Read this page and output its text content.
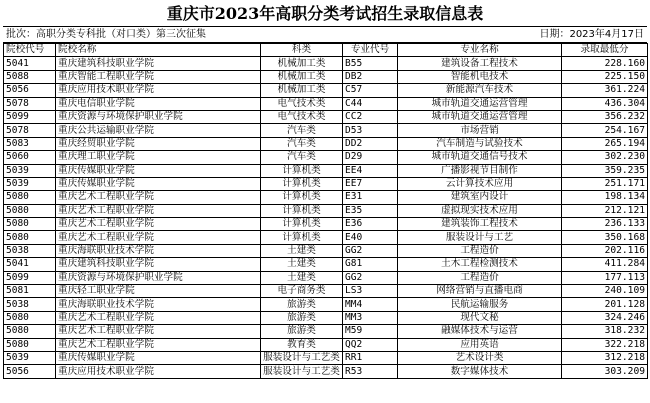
重庆市2023年高职分类考试招生录取信息表
批次：高职分类专科批（对口类）第三次征集	日期：2023年4月17日
院校代号	院校名称	科类	专业代号	专业名称	录取最低分
5041	重庆建筑科技职业学院	机械加工类	B55	建筑设备工程技术	228.160
5088	重庆智能工程职业学院	机械加工类	DB2	智能机电技术	225.150
5056	重庆应用技术职业学院	机械加工类	C57	新能源汽车技术	361.224
5078	重庆电信职业学院	电气技术类	C44	城市轨道交通运营管理	436.304
5099	重庆资源与环境保护职业学院	电气技术类	CC2	城市轨道交通运营管理	356.232
5078	重庆公共运输职业学院	汽车类	D53	市场营销	254.167
5083	重庆经贸职业学院	汽车类	DD2	汽车制造与试验技术	265.194
5060	重庆理工职业学院	汽车类	D29	城市轨道交通信号技术	302.230
5039	重庆传媒职业学院	计算机类	EE4	广播影视节目制作	359.235
5039	重庆传媒职业学院	计算机类	EE7	云计算技术应用	251.171
5080	重庆艺术工程职业学院	计算机类	E31	建筑室内设计	198.134
5080	重庆艺术工程职业学院	计算机类	E35	虚拟现实技术应用	212.121
5080	重庆艺术工程职业学院	计算机类	E36	建筑装饰工程技术	236.133
5080	重庆艺术工程职业学院	计算机类	E40	服装设计与工艺	350.168
5038	重庆海联职业技术学院	土建类	GG2	工程造价	202.116
5041	重庆建筑科技职业学院	土建类	G81	土木工程检测技术	411.284
5099	重庆资源与环境保护职业学院	土建类	GG2	工程造价	177.113
5081	重庆轻工职业学院	电子商务类	LS3	网络营销与直播电商	240.109
5038	重庆海联职业技术学院	旅游类	MM4	民航运输服务	201.128
5080	重庆艺术工程职业学院	旅游类	MM3	现代文秘	324.246
5080	重庆艺术工程职业学院	旅游类	M59	融媒体技术与运营	318.232
5080	重庆艺术工程职业学院	教育类	QQ2	应用英语	322.218
5039	重庆传媒职业学院	服装设计与工艺类	RR1	艺术设计类	312.218
5056	重庆应用技术职业学院	服装设计与工艺类	R53	数字媒体技术	303.209
